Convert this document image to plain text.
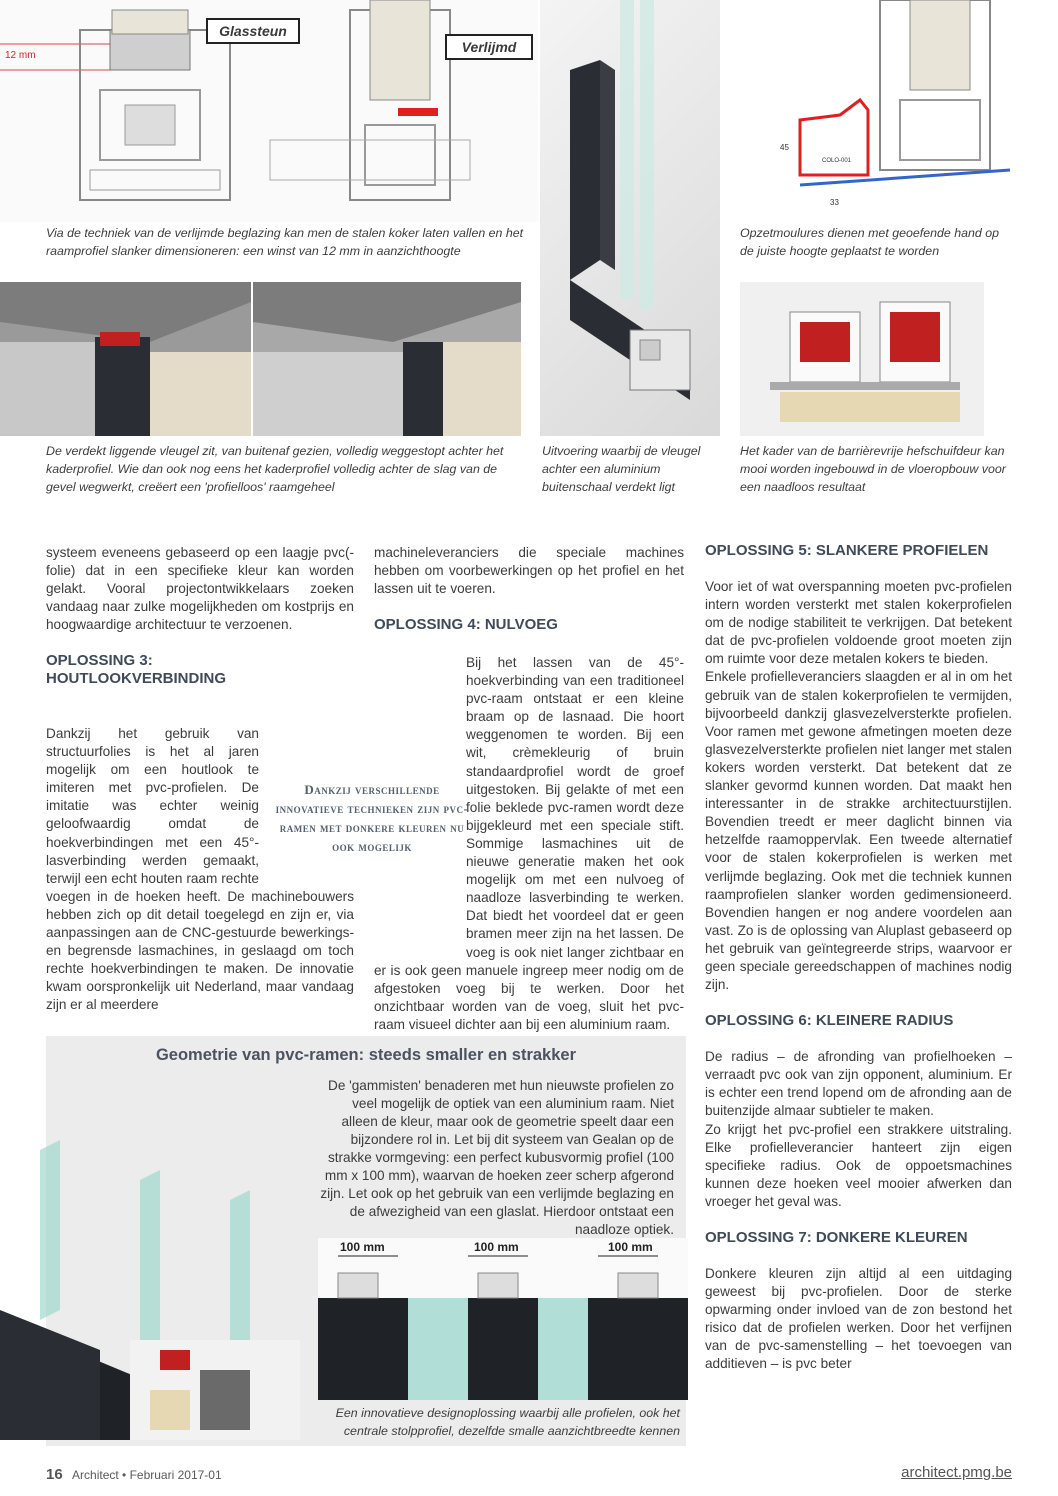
12 mm
Glassteun
Verlijmd
45
33
COLO-001
Via de techniek van de verlijmde beglazing kan men de stalen koker laten vallen en het raamprofiel slanker dimensioneren: een winst van 12 mm in aanzichthoogte
Opzetmoulures dienen met geoefende hand op de juiste hoogte geplaatst te worden
De verdekt liggende vleugel zit, van buitenaf gezien, volledig weggestopt achter het kaderprofiel. Wie dan ook nog eens het kaderprofiel volledig achter de slag van de gevel wegwerkt, creëert een 'profielloos' raamgeheel
Uitvoering waarbij de vleugel achter een aluminium buitenschaal verdekt ligt
Het kader van de barrièrevrije hefschuifdeur kan mooi worden ingebouwd in de vloeropbouw voor een naadloos resultaat

systeem eveneens gebaseerd op een laagje pvc(-folie) dat in een specifieke kleur kan worden gelakt. Vooral projectontwikkelaars zoeken vandaag naar zulke mogelijkheden om kostprijs en hoogwaardige architectuur te verzoenen.

OPLOSSING 3:
HOUTLOOKVERBINDING

Dankzij het gebruik van structuurfolies is het al jaren mogelijk om een houtlook te imiteren met pvc-profielen. De imitatie was echter weinig geloofwaardig omdat de hoekverbindingen met een 45°-lasverbinding werden gemaakt, terwijl een echt houten raam rechte voegen in de hoeken heeft. De machinebouwers hebben zich op dit detail toegelegd en zijn er, via aanpassingen aan de CNC-gestuurde bewerkings- en begrensde lasmachines, in geslaagd om toch rechte hoekverbindingen te maken. De innovatie kwam oorspronkelijk uit Nederland, maar vandaag zijn er al meerdere

machineleveranciers die speciale machines hebben om voorbewerkingen op het profiel en het lassen uit te voeren.

OPLOSSING 4: NULVOEG

Bij het lassen van de 45°-hoekverbinding van een traditioneel pvc-raam ontstaat er een kleine braam op de lasnaad. Die hoort weggenomen te worden. Bij een wit, crèmekleurig of bruin standaardprofiel wordt de groef uitgestoken. Bij gelakte of met een folie beklede pvc-ramen wordt deze bijgekleurd met een speciale stift. Sommige lasmachines uit de nieuwe generatie maken het ook mogelijk om met een nulvoeg of naadloze lasverbinding te werken. Dat biedt het voordeel dat er geen bramen meer zijn na het lassen. De voeg is ook niet langer zichtbaar en er is ook geen manuele ingreep meer nodig om de afgestoken voeg bij te werken. Door het onzichtbaar worden van de voeg, sluit het pvc-raam visueel dichter aan bij een aluminium raam.

Dankzij verschillende innovatieve technieken zijn pvc-ramen met donkere kleuren nu ook mogelijk
OPLOSSING 5: SLANKERE PROFIELEN

Voor iet of wat overspanning moeten pvc-profielen intern worden versterkt met stalen kokerprofielen om de nodige stabiliteit te verkrijgen. Dat betekent dat de pvc-profielen voldoende groot moeten zijn om ruimte voor deze metalen kokers te bieden.

Enkele profielleveranciers slaagden er al in om het gebruik van de stalen kokerprofielen te vermijden, bijvoorbeeld dankzij glasvezelversterkte profielen. Voor ramen met gewone afmetingen moeten deze glasvezelversterkte profielen niet langer met stalen kokers worden versterkt. Dat betekent dat ze slanker gevormd kunnen worden. Dat maakt hen interessanter in de strakke architectuurstijlen. Bovendien treedt er meer daglicht binnen via hetzelfde raamoppervlak. Een tweede alternatief voor de stalen kokerprofielen is werken met verlijmde beglazing. Ook met die techniek kunnen raamprofielen slanker worden gedimensioneerd. Bovendien hangen er nog andere voordelen aan vast. Zo is de oplossing van Aluplast gebaseerd op het gebruik van geïntegreerde strips, waarvoor er geen speciale gereedschappen of machines nodig zijn.

OPLOSSING 6: KLEINERE RADIUS

De radius – de afronding van profielhoeken – verraadt pvc ook van zijn opponent, aluminium. Er is echter een trend lopend om de afronding aan de buitenzijde almaar subtieler te maken.

Zo krijgt het pvc-profiel een strakkere uitstraling. Elke profielleverancier hanteert zijn eigen specifieke radius. Ook de oppoetsmachines kunnen deze hoeken veel mooier afwerken dan vroeger het geval was.

OPLOSSING 7: DONKERE KLEUREN

Donkere kleuren zijn altijd al een uitdaging geweest bij pvc-profielen. Door de sterke opwarming onder invloed van de zon bestond het risico dat de profielen werken. Door het verfijnen van de pvc-samenstelling – het toevoegen van additieven – is pvc beter

Geometrie van pvc-ramen: steeds smaller en strakker
De 'gammisten' benaderen met hun nieuwste profielen zo veel mogelijk de optiek van een aluminium raam. Niet alleen de kleur, maar ook de geometrie speelt daar een bijzondere rol in. Let bij dit systeem van Gealan op de strakke vormgeving: een perfect kubusvormig profiel (100 mm x 100 mm), waarvan de hoeken zeer scherp afgerond zijn. Let ook op het gebruik van een verlijmde beglazing en de afwezigheid van een glaslat. Hierdoor ontstaat een naadloze optiek.
100 mm	100 mm	100 mm
Een innovatieve designoplossing waarbij alle profielen, ook het centrale stolpprofiel, dezelfde smalle aanzichtbreedte kennen
16 Architect • Februari 2017-01	architect.pmg.be
